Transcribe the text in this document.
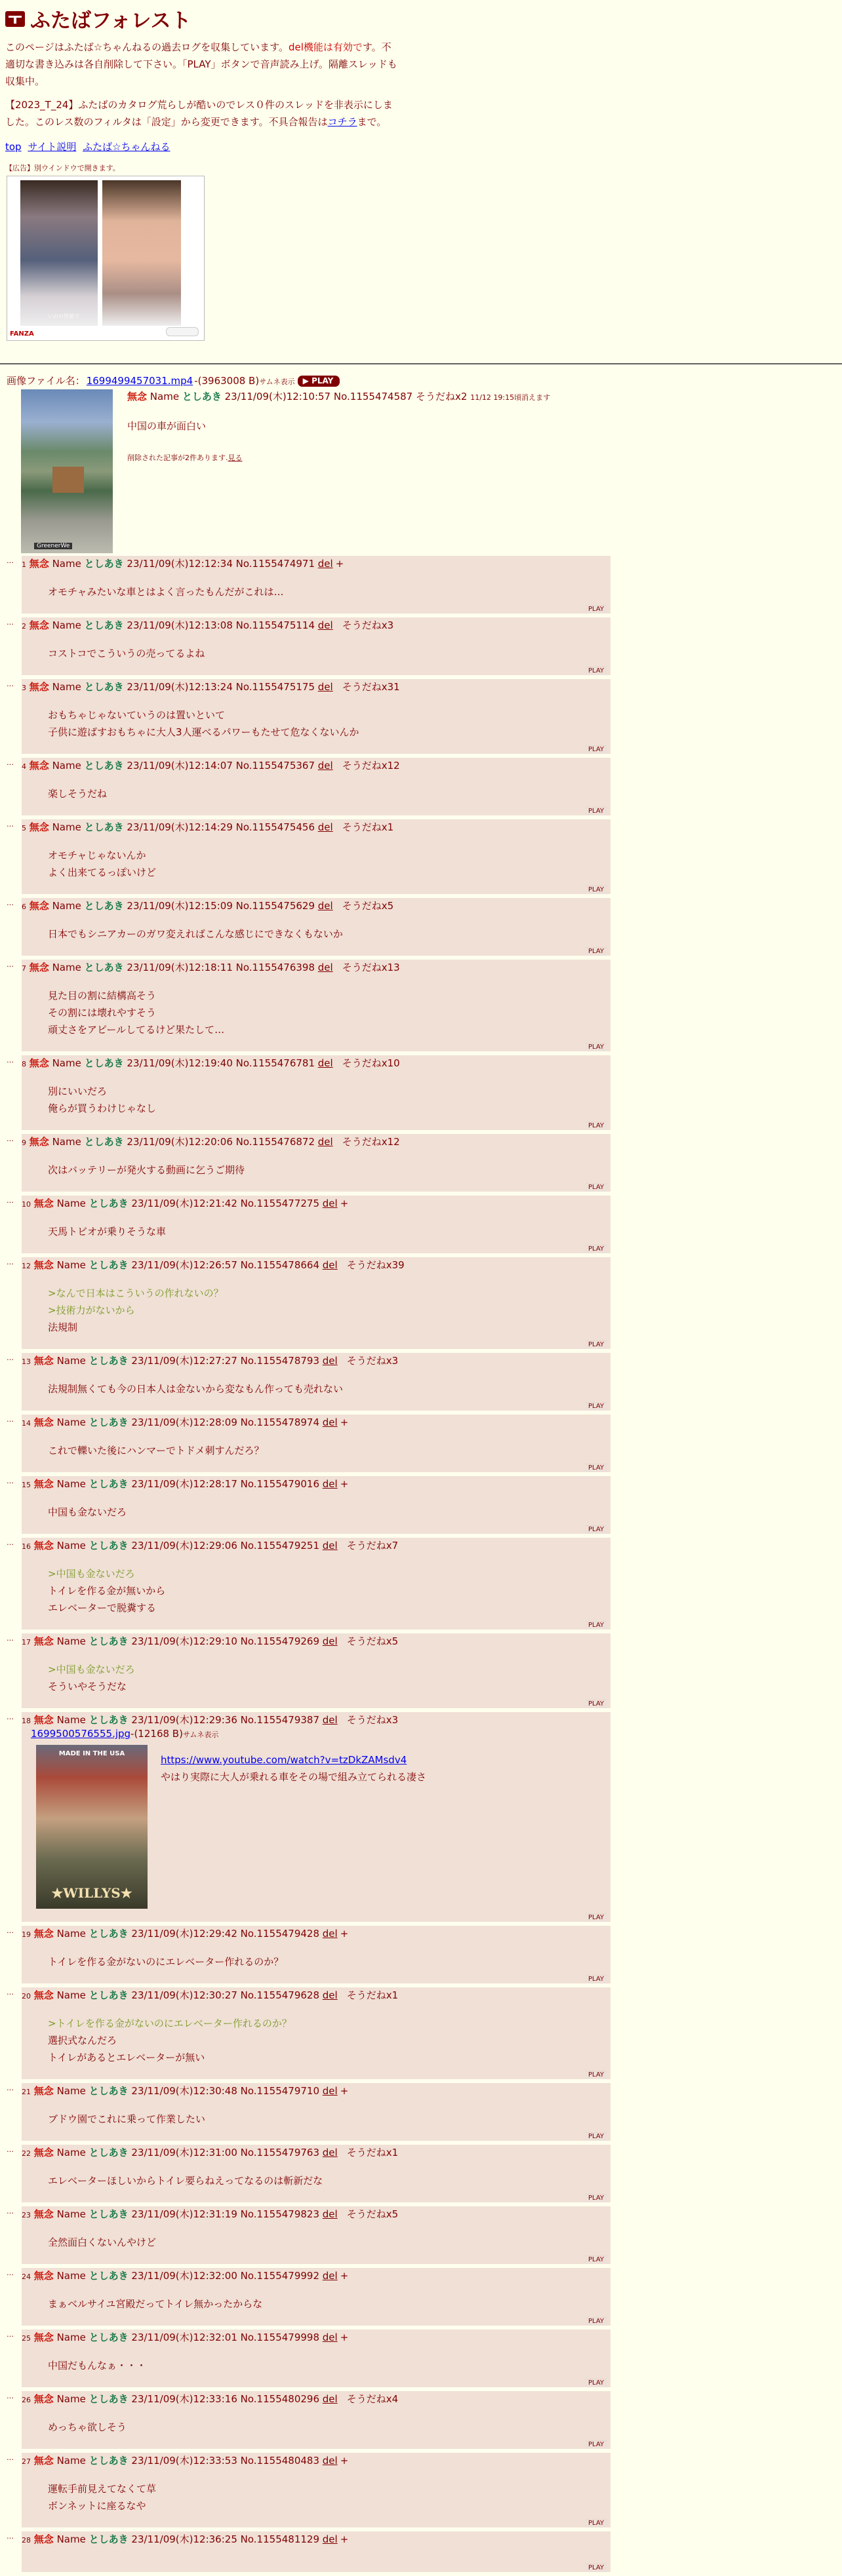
ふたばフォレスト

このページはふたば☆ちゃんねるの過去ログを収集しています。del機能は有効です。不適切な書き込みは各自削除して下さい。「PLAY」ボタンで音声読み上げ。隔離スレッドも収集中。

【2023_T_24】ふたばのカタログ荒らしが酷いのでレス０件のスレッドを非表示にしました。このレス数のフィルタは「設定」から変更できます。不具合報告はコチラまで。

top サイト説明 ふたば☆ちゃんねる
【広告】別ウインドウで開きます。
いのの世前で
FANZA
画像ファイル名： 1699499457031.mp4 -(3963008 B)サムネ表示 ▶ PLAY
GreenerWe
無念 Name としあき 23/11/09(木)12:10:57 No.1155474587 そうだねx2 11/12 19:15頃消えます
中国の車が面白い
削除された記事が2件あります.見る
…	1 無念 Name としあき 23/11/09(木)12:12:34 No.1155474971 del +
オモチャみたいな車とはよく言ったもんだがこれは…
PLAY
…	2 無念 Name としあき 23/11/09(木)12:13:08 No.1155475114 del そうだねx3
コストコでこういうの売ってるよね
PLAY
…	3 無念 Name としあき 23/11/09(木)12:13:24 No.1155475175 del そうだねx31
おもちゃじゃないていうのは置いといて
子供に遊ばすおもちゃに大人3人運べるパワーもたせて危なくないんか
PLAY
…	4 無念 Name としあき 23/11/09(木)12:14:07 No.1155475367 del そうだねx12
楽しそうだね
PLAY
…	5 無念 Name としあき 23/11/09(木)12:14:29 No.1155475456 del そうだねx1
オモチャじゃないんか
よく出来てるっぽいけど
PLAY
…	6 無念 Name としあき 23/11/09(木)12:15:09 No.1155475629 del そうだねx5
日本でもシニアカーのガワ変えればこんな感じにできなくもないか
PLAY
…	7 無念 Name としあき 23/11/09(木)12:18:11 No.1155476398 del そうだねx13
見た目の割に結構高そう
その割には壊れやすそう
頑丈さをアピールしてるけど果たして…
PLAY
…	8 無念 Name としあき 23/11/09(木)12:19:40 No.1155476781 del そうだねx10
別にいいだろ
俺らが買うわけじゃなし
PLAY
…	9 無念 Name としあき 23/11/09(木)12:20:06 No.1155476872 del そうだねx12
次はバッテリーが発火する動画に乞うご期待
PLAY
…	10 無念 Name としあき 23/11/09(木)12:21:42 No.1155477275 del +
天馬トビオが乗りそうな車
PLAY
…	12 無念 Name としあき 23/11/09(木)12:26:57 No.1155478664 del そうだねx39
>なんで日本はこういうの作れないの？
>技術力がないから
法規制
PLAY
…	13 無念 Name としあき 23/11/09(木)12:27:27 No.1155478793 del そうだねx3
法規制無くても今の日本人は金ないから変なもん作っても売れない
PLAY
…	14 無念 Name としあき 23/11/09(木)12:28:09 No.1155478974 del +
これで轢いた後にハンマーでトドメ刺すんだろ？
PLAY
…	15 無念 Name としあき 23/11/09(木)12:28:17 No.1155479016 del +
中国も金ないだろ
PLAY
…	16 無念 Name としあき 23/11/09(木)12:29:06 No.1155479251 del そうだねx7
>中国も金ないだろ
トイレを作る金が無いから
エレベーターで脱糞する
PLAY
…	17 無念 Name としあき 23/11/09(木)12:29:10 No.1155479269 del そうだねx5
>中国も金ないだろ
そういやそうだな
PLAY
…	18 無念 Name としあき 23/11/09(木)12:29:36 No.1155479387 del そうだねx3
1699500576555.jpg-(12168 B)サムネ表示
MADE IN THE USA
★WILLYS★
https://www.youtube.com/watch?v=tzDkZAMsdv4
やはり実際に大人が乗れる車をその場で組み立てられる凄さ
PLAY
…	19 無念 Name としあき 23/11/09(木)12:29:42 No.1155479428 del +
トイレを作る金がないのにエレベーター作れるのか？
PLAY
…	20 無念 Name としあき 23/11/09(木)12:30:27 No.1155479628 del そうだねx1
>トイレを作る金がないのにエレベーター作れるのか？
選択式なんだろ
トイレがあるとエレベーターが無い
PLAY
…	21 無念 Name としあき 23/11/09(木)12:30:48 No.1155479710 del +
ブドウ園でこれに乗って作業したい
PLAY
…	22 無念 Name としあき 23/11/09(木)12:31:00 No.1155479763 del そうだねx1
エレベーターほしいからトイレ要らねえってなるのは斬新だな
PLAY
…	23 無念 Name としあき 23/11/09(木)12:31:19 No.1155479823 del そうだねx5
全然面白くないんやけど
PLAY
…	24 無念 Name としあき 23/11/09(木)12:32:00 No.1155479992 del +
まぁベルサイユ宮殿だってトイレ無かったからな
PLAY
…	25 無念 Name としあき 23/11/09(木)12:32:01 No.1155479998 del +
中国だもんなぁ・・・
PLAY
…	26 無念 Name としあき 23/11/09(木)12:33:16 No.1155480296 del そうだねx4
めっちゃ欲しそう
PLAY
…	27 無念 Name としあき 23/11/09(木)12:33:53 No.1155480483 del +
運転手前見えてなくて草
ボンネットに座るなや
PLAY
…	28 無念 Name としあき 23/11/09(木)12:36:25 No.1155481129 del +
PLAY
